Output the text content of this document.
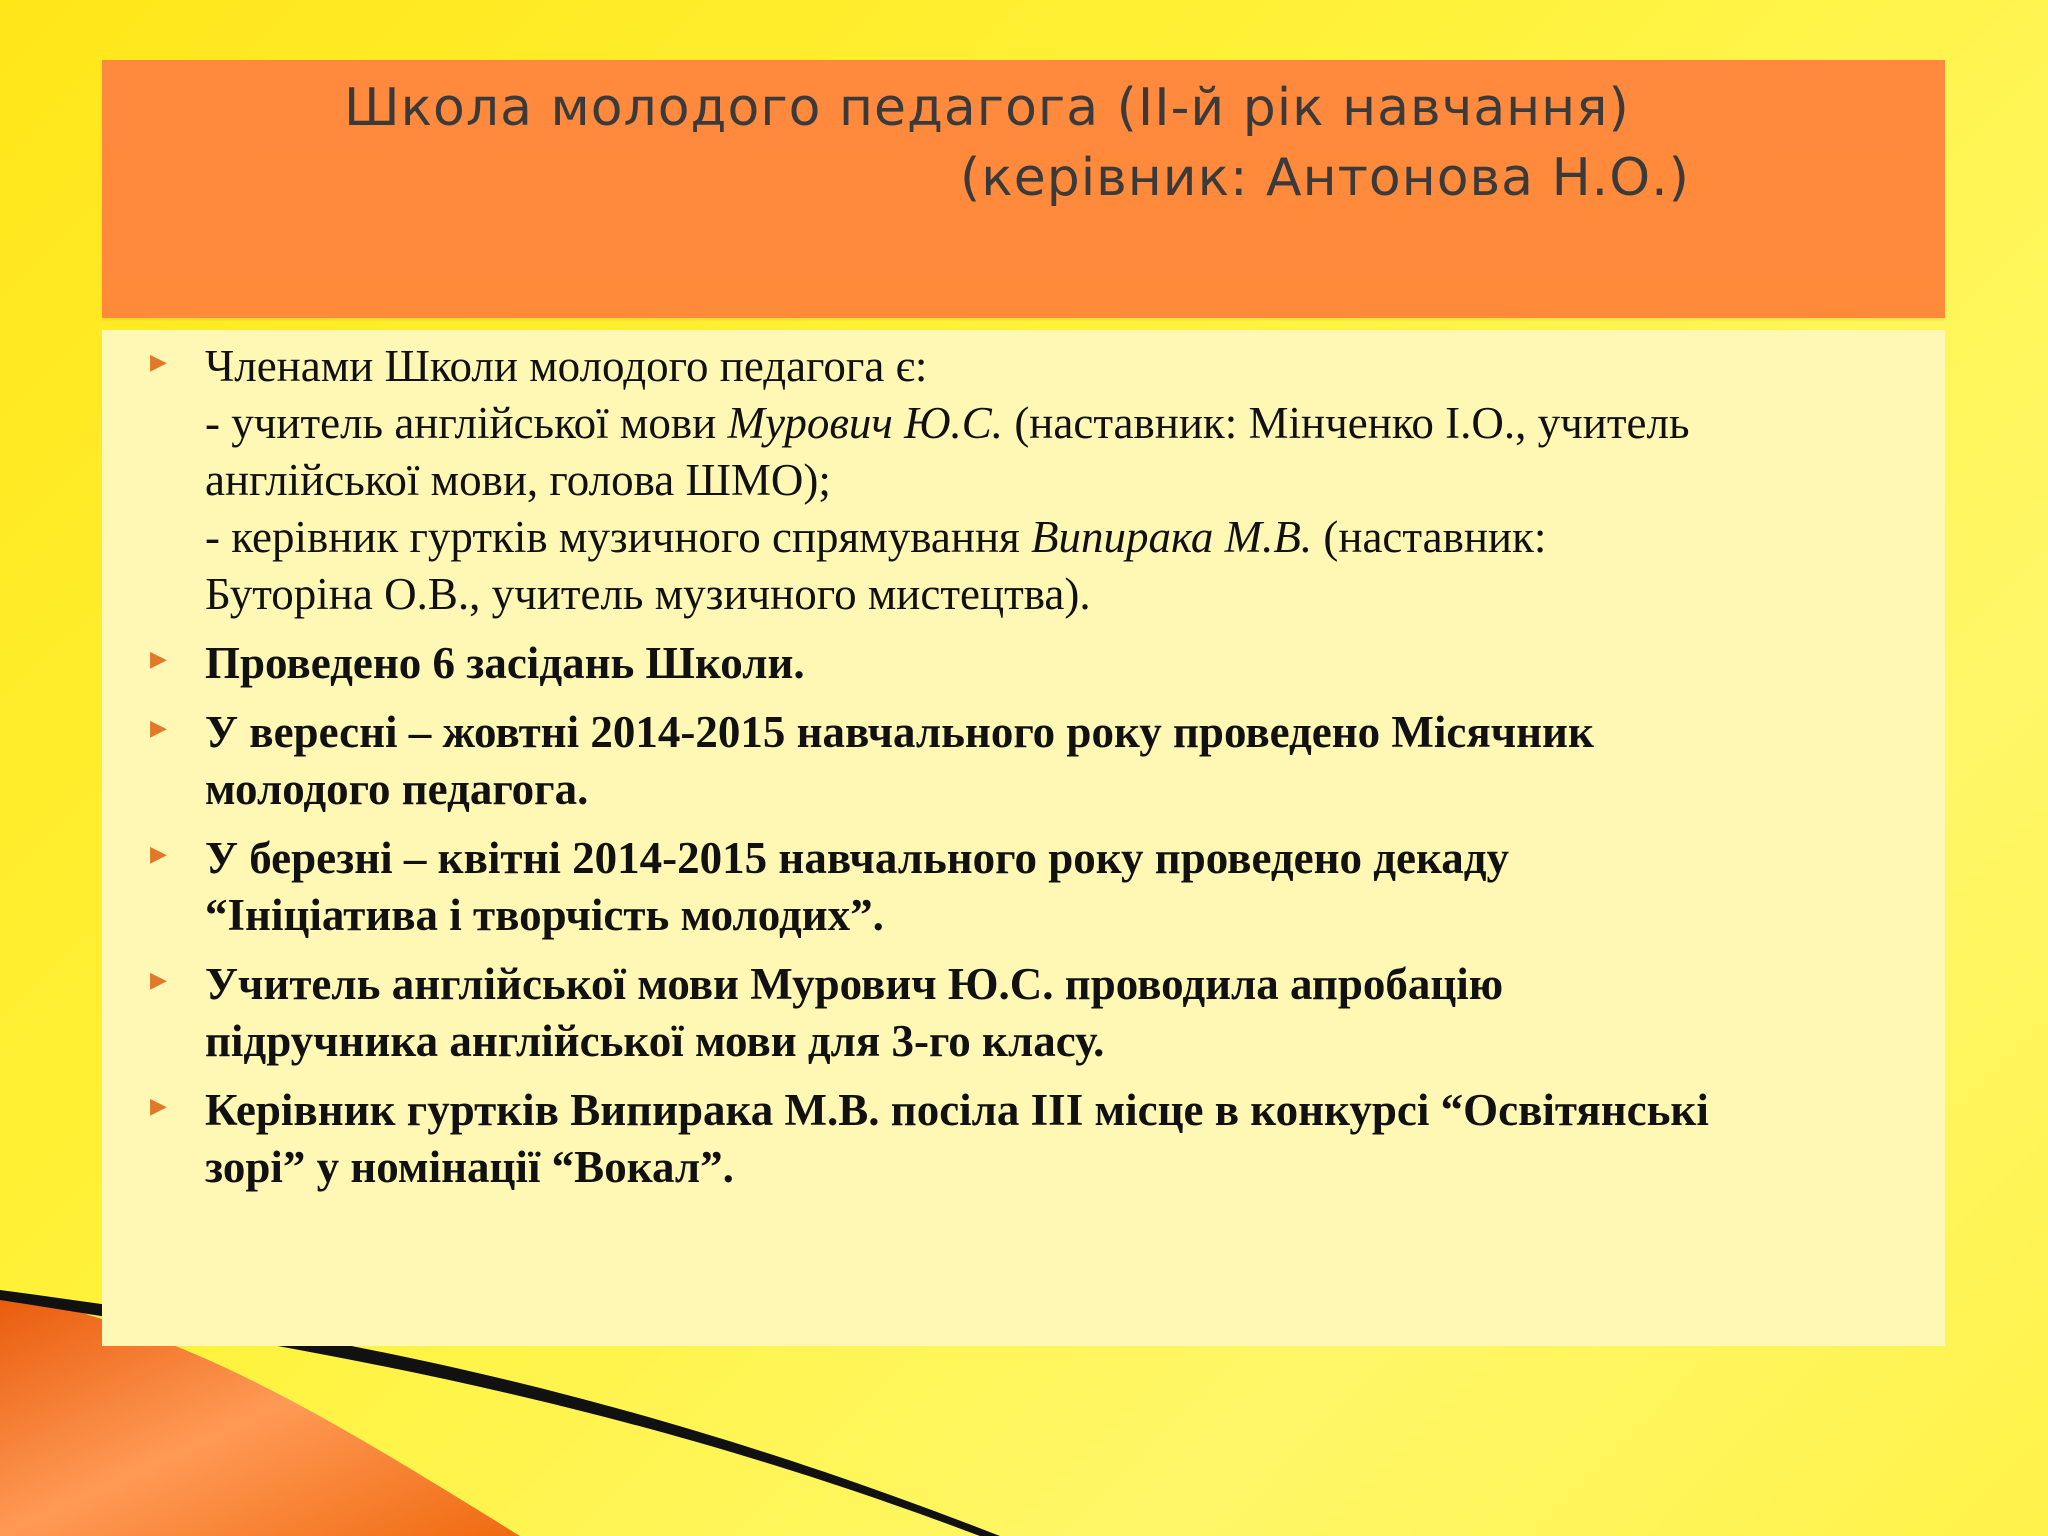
Школа молодого педагога (ІІ-й рік навчання)
(керівник: Антонова Н.О.)
▶ Членами Школи молодого педагога є:
- учитель англійської мови Мурович Ю.С. (наставник: Мінченко І.О., учитель
англійської мови, голова ШМО);
- керівник гуртків музичного спрямування Випирака М.В. (наставник:
Буторіна О.В., учитель музичного мистецтва).
▶ Проведено 6 засідань Школи.
▶ У вересні – жовтні 2014-2015 навчального року проведено Місячник
молодого педагога.
▶ У березні – квітні 2014-2015 навчального року проведено декаду
“Ініціатива і творчість молодих”.
▶ Учитель англійської мови Мурович Ю.С. проводила апробацію
підручника англійської мови для 3-го класу.
▶ Керівник гуртків Випирака М.В. посіла ІІІ місце в конкурсі “Освітянські
зорі” у номінації “Вокал”.
